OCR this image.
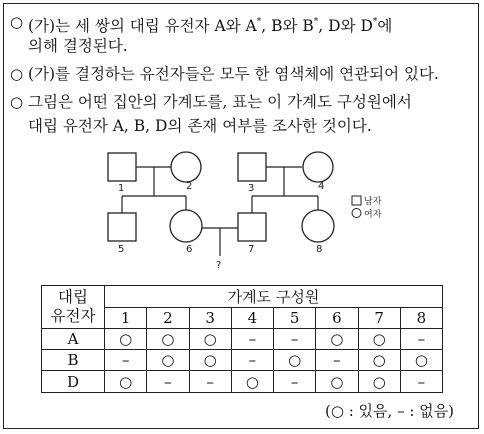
○ (가)는 세 쌍의 대립 유전자 A와 A*, B와 B*, D와 D*에
의해 결정된다.
○ (가)를 결정하는 유전자들은 모두 한 염색체에 연관되어 있다.
○ 그림은 어떤 집안의 가계도를, 표는 이 가계도 구성원에서
대립 유전자 A, B, D의 존재 여부를 조사한 것이다.
1	2	3	4
5	6	7	8
?
남자
여자
대립
유전자	가계도 구성원							
	1	2	3	4	5	6	7	8
A	○	○	○	–	–	○	○	–
B	–	○	○	–	○	–	○	○
D	○	–	–	○	–	○	○	–
(○ : 있음, – : 없음)
